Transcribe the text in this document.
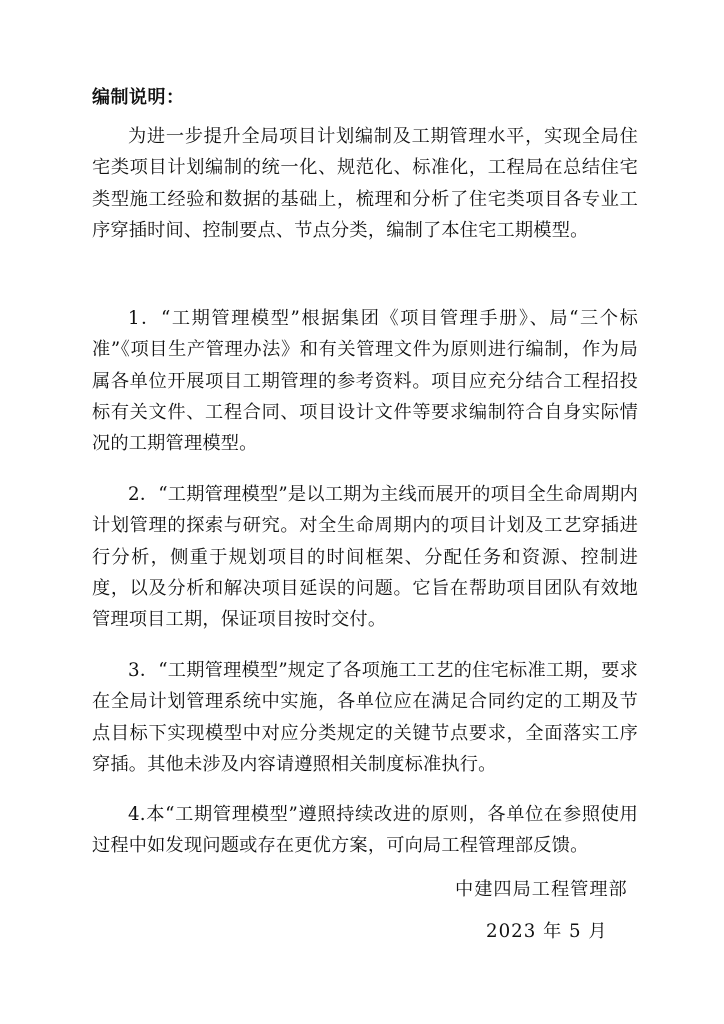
编制说明：

为进一步提升全局项目计划编制及工期管理水平，实现全局住宅类项目计划编制的统一化、规范化、标准化，工程局在总结住宅类型施工经验和数据的基础上，梳理和分析了住宅类项目各专业工序穿插时间、控制要点、节点分类，编制了本住宅工期模型。

1．“工期管理模型”根据集团《项目管理手册》、局“三个标准”《项目生产管理办法》和有关管理文件为原则进行编制，作为局属各单位开展项目工期管理的参考资料。项目应充分结合工程招投标有关文件、工程合同、项目设计文件等要求编制符合自身实际情况的工期管理模型。

2．“工期管理模型”是以工期为主线而展开的项目全生命周期内计划管理的探索与研究。对全生命周期内的项目计划及工艺穿插进行分析，侧重于规划项目的时间框架、分配任务和资源、控制进度，以及分析和解决项目延误的问题。它旨在帮助项目团队有效地管理项目工期，保证项目按时交付。

3．“工期管理模型”规定了各项施工工艺的住宅标准工期，要求在全局计划管理系统中实施，各单位应在满足合同约定的工期及节点目标下实现模型中对应分类规定的关键节点要求，全面落实工序穿插。其他未涉及内容请遵照相关制度标准执行。

4.本“工期管理模型”遵照持续改进的原则，各单位在参照使用过程中如发现问题或存在更优方案，可向局工程管理部反馈。

中建四局工程管理部

2023 年 5 月
